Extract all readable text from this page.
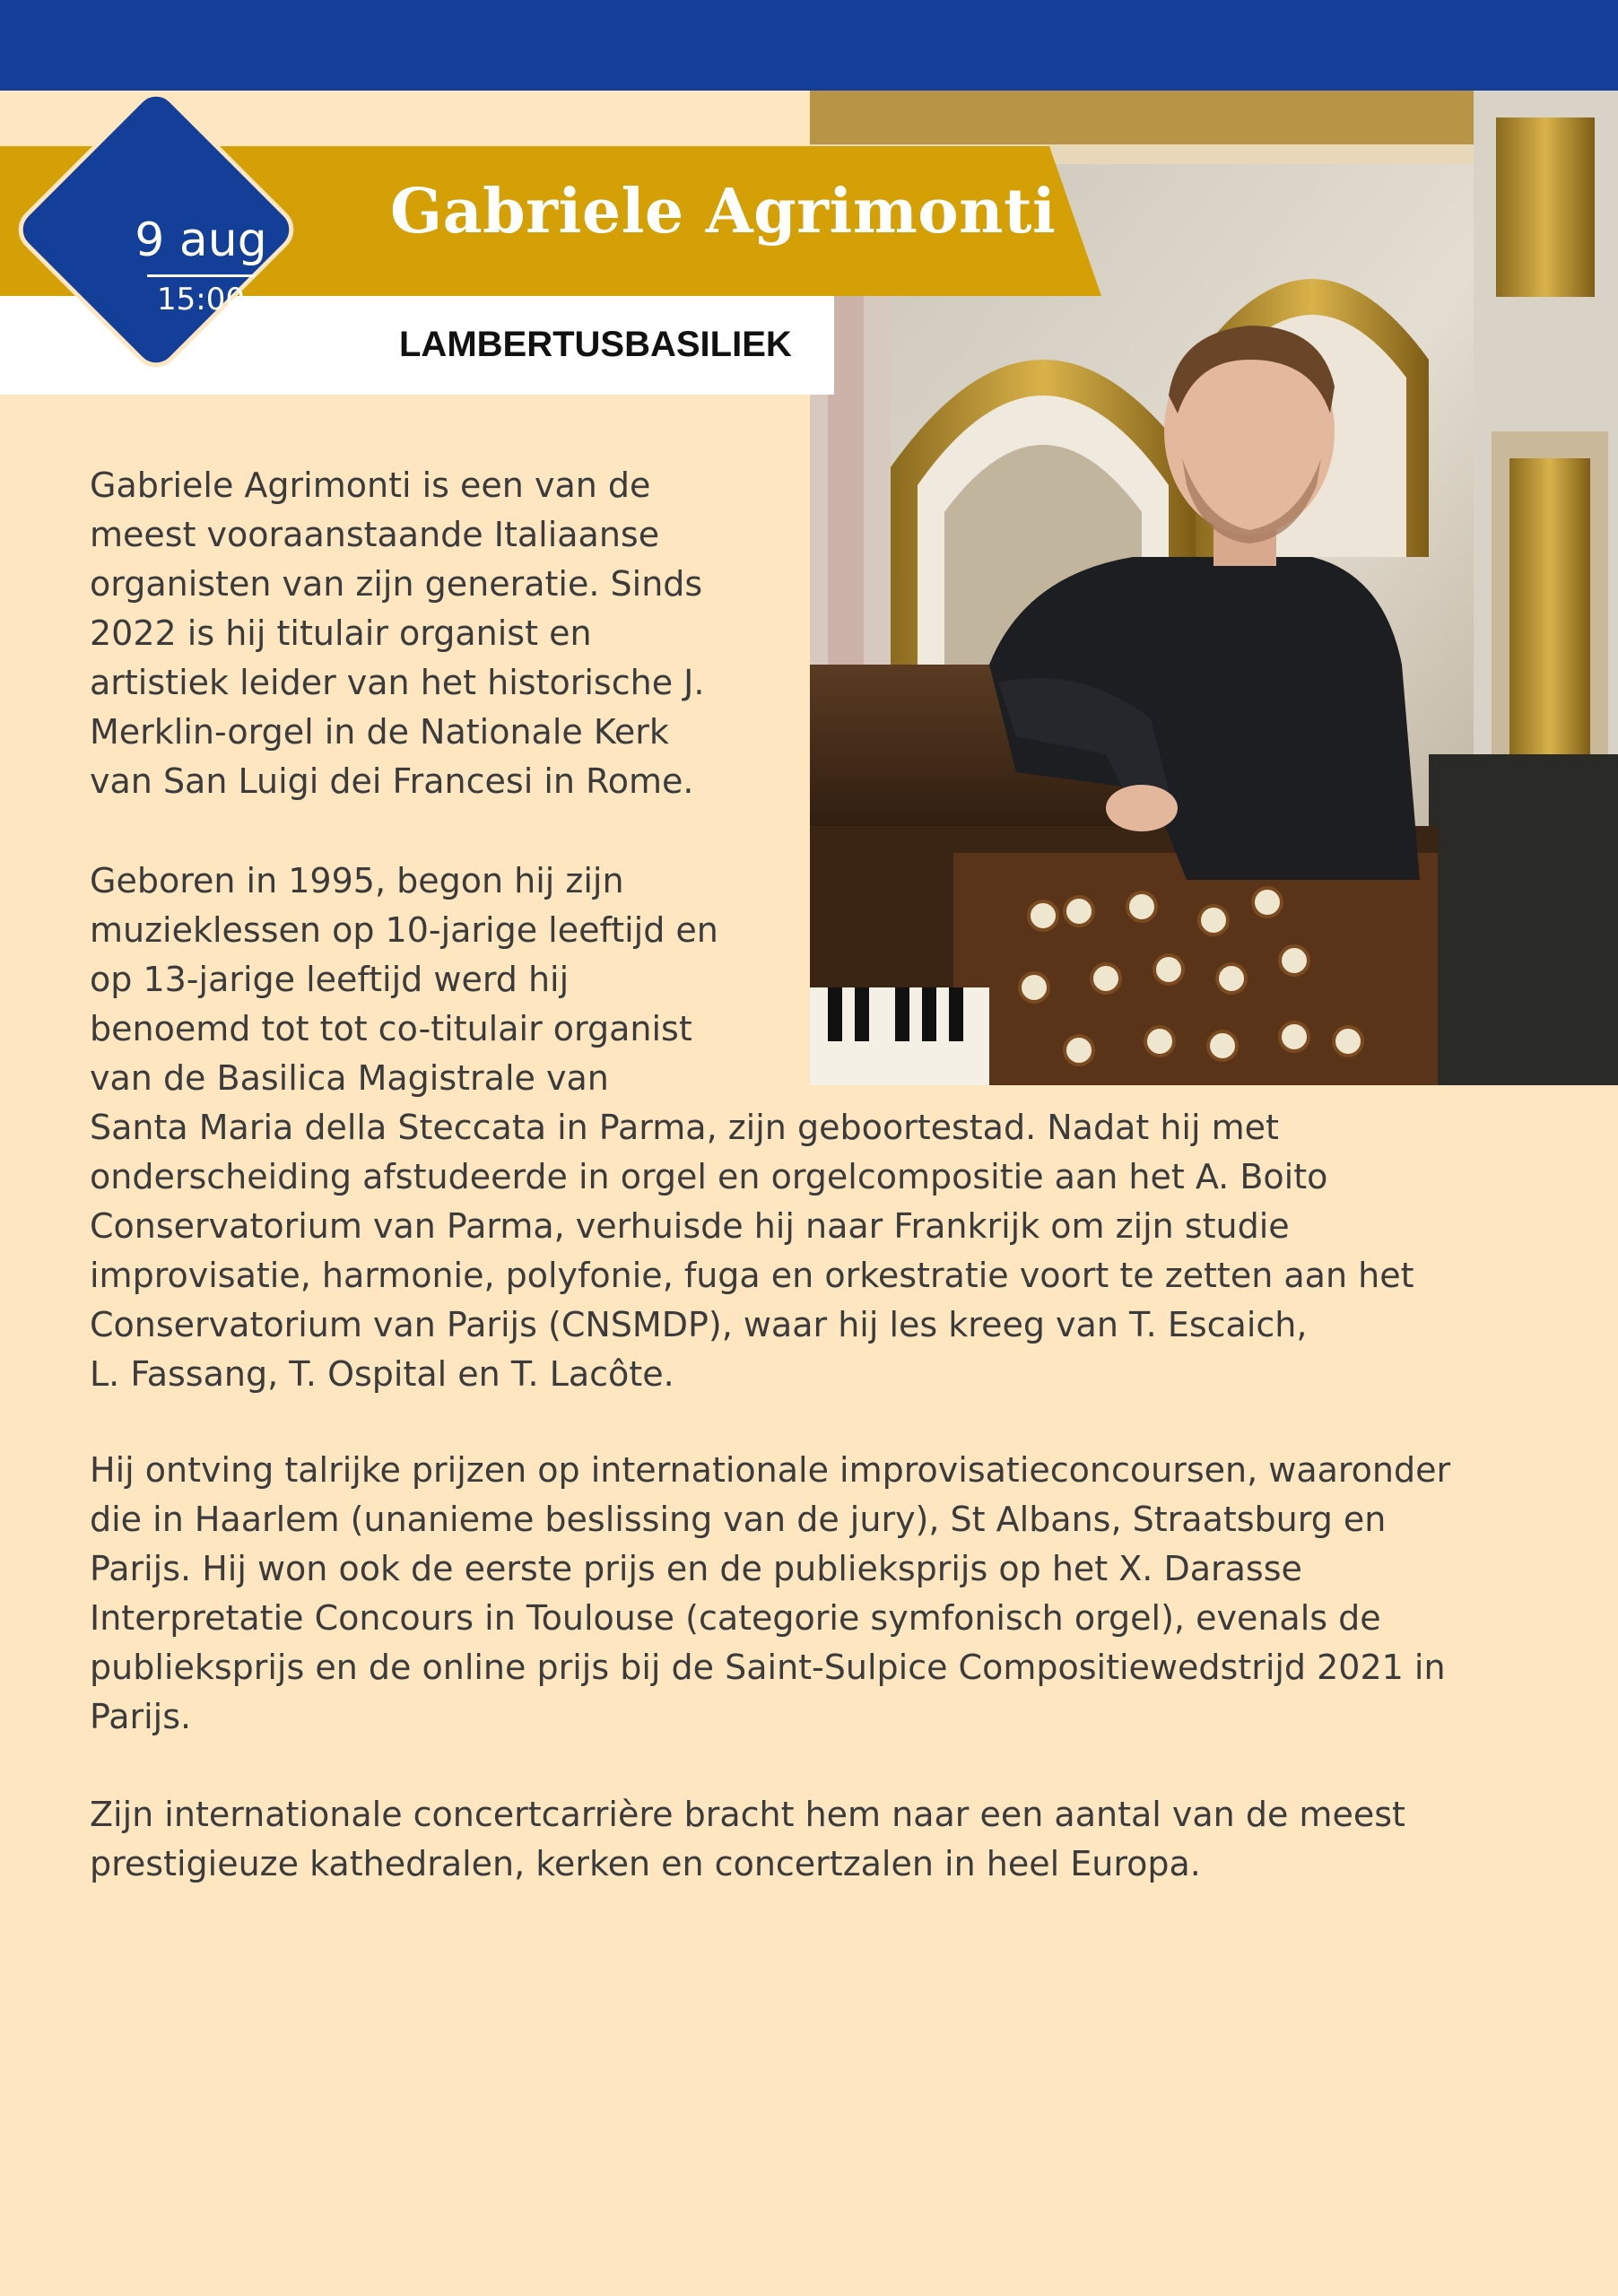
Gabriele Agrimonti
LAMBERTUSBASILIEK
9 aug
15:00

Gabriele Agrimonti is een van de
meest vooraanstaande Italiaanse
organisten van zijn generatie. Sinds
2022 is hij titulair organist en
artistiek leider van het historische J.
Merklin-orgel in de Nationale Kerk
van San Luigi dei Francesi in Rome.

Geboren in 1995, begon hij zijn
muzieklessen op 10-jarige leeftijd en
op 13-jarige leeftijd werd hij
benoemd tot tot co-titulair organist
van de Basilica Magistrale van
Santa Maria della Steccata in Parma, zijn geboortestad. Nadat hij met
onderscheiding afstudeerde in orgel en orgelcompositie aan het A. Boito
Conservatorium van Parma, verhuisde hij naar Frankrijk om zijn studie
improvisatie, harmonie, polyfonie, fuga en orkestratie voort te zetten aan het
Conservatorium van Parijs (CNSMDP), waar hij les kreeg van T. Escaich,
L. Fassang, T. Ospital en T. Lacôte.

Hij ontving talrijke prijzen op internationale improvisatieconcoursen, waaronder
die in Haarlem (unanieme beslissing van de jury), St Albans, Straatsburg en
Parijs. Hij won ook de eerste prijs en de publieksprijs op het X. Darasse
Interpretatie Concours in Toulouse (categorie symfonisch orgel), evenals de
publieksprijs en de online prijs bij de Saint-Sulpice Compositiewedstrijd 2021 in
Parijs.

Zijn internationale concertcarrière bracht hem naar een aantal van de meest
prestigieuze kathedralen, kerken en concertzalen in heel Europa.
